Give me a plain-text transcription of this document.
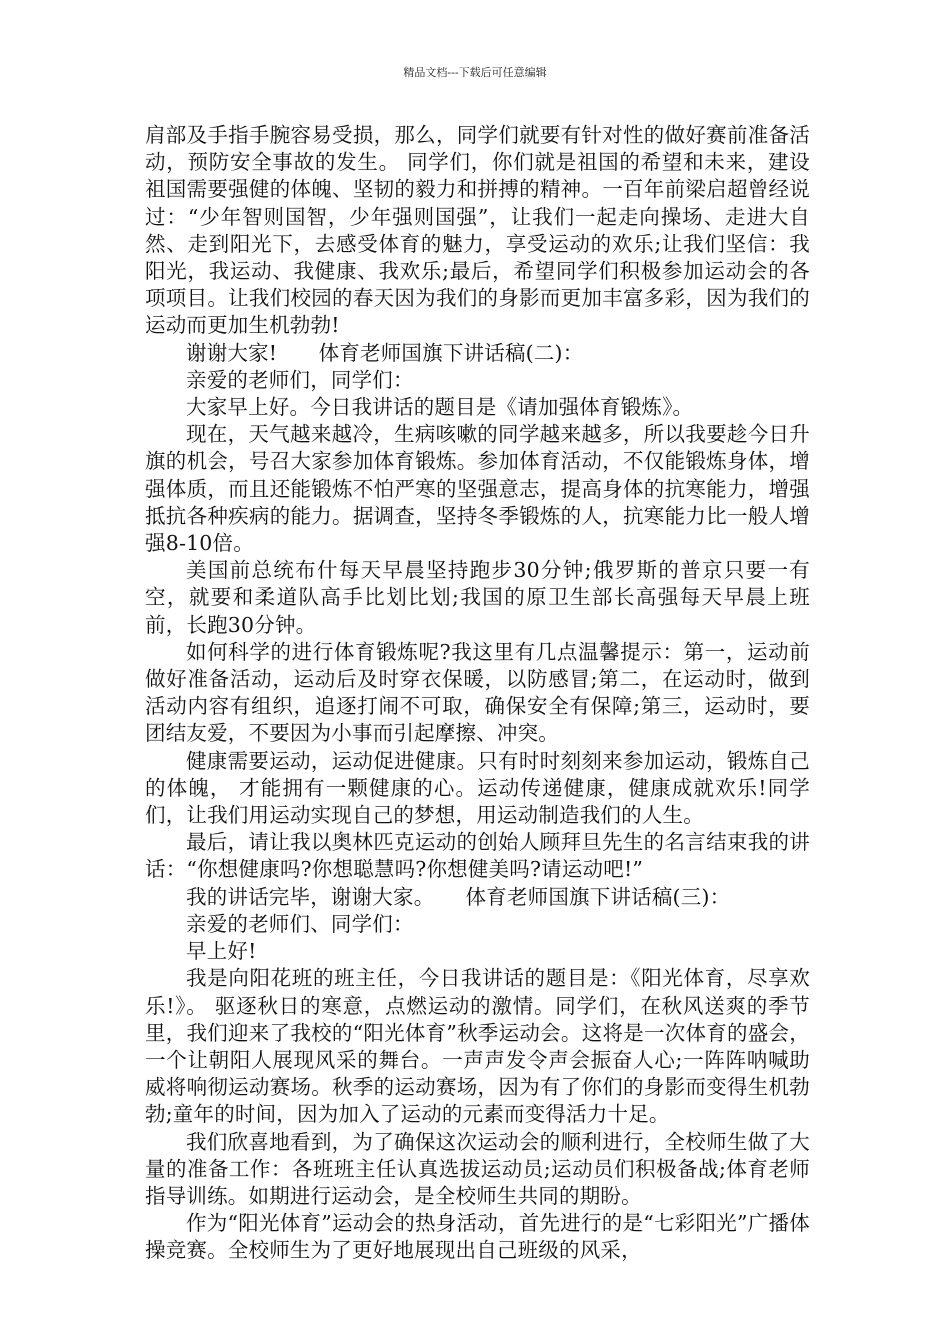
精品文档---下载后可任意编辑

肩部及手指手腕容易受损，那么，同学们就要有针对性的做好赛前准备活动，预防安全事故的发生。 同学们，你们就是祖国的希望和未来，建设祖国需要强健的体魄、坚韧的毅力和拼搏的精神。一百年前梁启超曾经说过：“少年智则国智，少年强则国强”，让我们一起走向操场、走进大自然、走到阳光下，去感受体育的魅力，享受运动的欢乐;让我们坚信：我阳光，我运动、我健康、我欢乐;最后，希望同学们积极参加运动会的各项项目。让我们校园的春天因为我们的身影而更加丰富多彩，因为我们的运动而更加生机勃勃!

谢谢大家!　　体育老师国旗下讲话稿(二)：

亲爱的老师们，同学们：

大家早上好。今日我讲话的题目是《请加强体育锻炼》。

现在，天气越来越冷，生病咳嗽的同学越来越多，所以我要趁今日升旗的机会，号召大家参加体育锻炼。参加体育活动，不仅能锻炼身体，增强体质，而且还能锻炼不怕严寒的坚强意志，提高身体的抗寒能力，增强抵抗各种疾病的能力。据调查，坚持冬季锻炼的人，抗寒能力比一般人增强8-10倍。

美国前总统布什每天早晨坚持跑步30分钟;俄罗斯的普京只要一有空，就要和柔道队高手比划比划;我国的原卫生部长高强每天早晨上班前，长跑30分钟。

如何科学的进行体育锻炼呢?我这里有几点温馨提示：第一，运动前做好准备活动，运动后及时穿衣保暖，以防感冒;第二，在运动时，做到活动内容有组织，追逐打闹不可取，确保安全有保障;第三，运动时，要团结友爱，不要因为小事而引起摩擦、冲突。

健康需要运动，运动促进健康。只有时时刻刻来参加运动，锻炼自己的体魄， 才能拥有一颗健康的心。运动传递健康，健康成就欢乐!同学们，让我们用运动实现自己的梦想，用运动制造我们的人生。

最后，请让我以奥林匹克运动的创始人顾拜旦先生的名言结束我的讲话：“你想健康吗?你想聪慧吗?你想健美吗?请运动吧!”

我的讲话完毕，谢谢大家。　　体育老师国旗下讲话稿(三)：

亲爱的老师们、同学们：

早上好!

我是向阳花班的班主任，今日我讲话的题目是：《阳光体育，尽享欢乐!》。 驱逐秋日的寒意，点燃运动的激情。同学们，在秋风送爽的季节里，我们迎来了我校的“阳光体育”秋季运动会。这将是一次体育的盛会，一个让朝阳人展现风采的舞台。一声声发令声会振奋人心;一阵阵呐喊助威将响彻运动赛场。秋季的运动赛场，因为有了你们的身影而变得生机勃勃;童年的时间，因为加入了运动的元素而变得活力十足。

我们欣喜地看到，为了确保这次运动会的顺利进行，全校师生做了大量的准备工作：各班班主任认真选拔运动员;运动员们积极备战;体育老师指导训练。如期进行运动会，是全校师生共同的期盼。

作为“阳光体育”运动会的热身活动，首先进行的是“七彩阳光”广播体操竞赛。全校师生为了更好地展现出自己班级的风采，
